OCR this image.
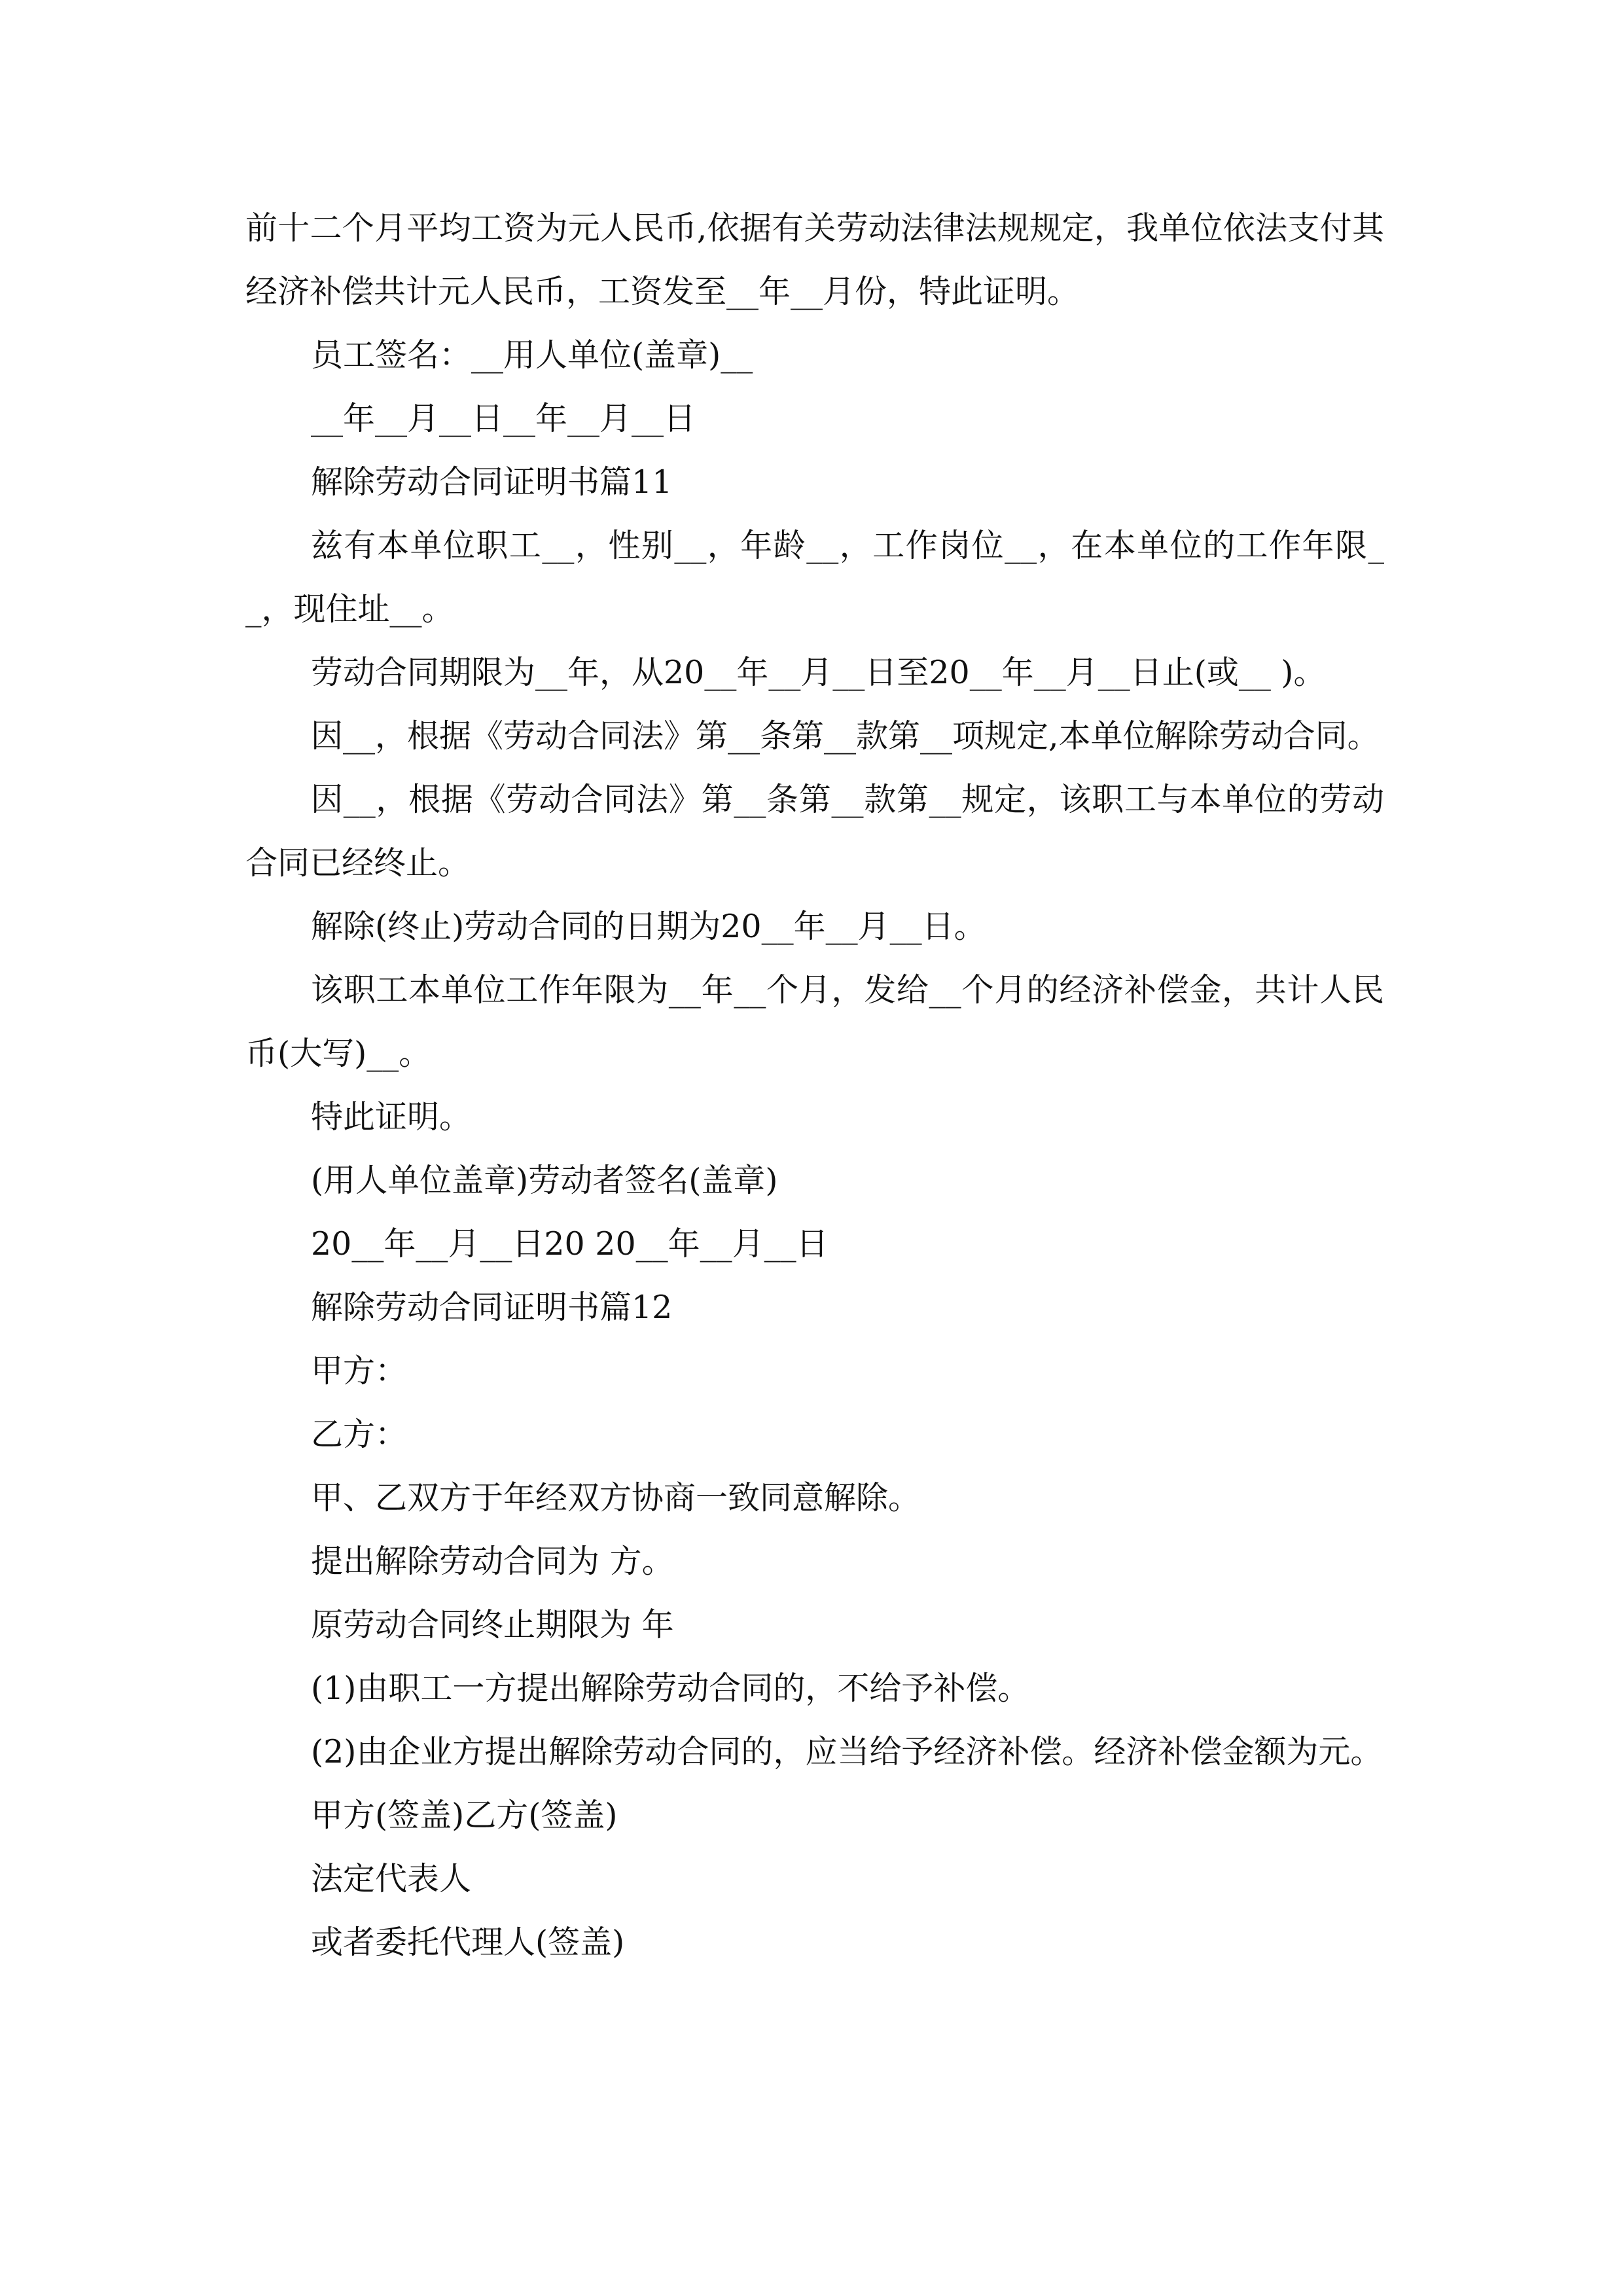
前十二个月平均工资为元人民币,依据有关劳动法律法规规定，我单位依法支付其经济补偿共计元人民币，工资发至__年__月份，特此证明。

员工签名：__用人单位(盖章)__

__年__月__日__年__月__日

解除劳动合同证明书篇11

兹有本单位职工__，性别__，年龄__，工作岗位__，在本单位的工作年限__，现住址__。

劳动合同期限为__年，从20__年__月__日至20__年__月__日止(或__ )。

因__，根据《劳动合同法》第__条第__款第__项规定,本单位解除劳动合同。

因__，根据《劳动合同法》第__条第__款第__规定，该职工与本单位的劳动合同已经终止。

解除(终止)劳动合同的日期为20__年__月__日。

该职工本单位工作年限为__年__个月，发给__个月的经济补偿金，共计人民币(大写)__。

特此证明。

(用人单位盖章)劳动者签名(盖章)

20__年__月__日20 20__年__月__日

解除劳动合同证明书篇12

甲方：

乙方：

甲、乙双方于年经双方协商一致同意解除。

提出解除劳动合同为 方。

原劳动合同终止期限为 年

(1)由职工一方提出解除劳动合同的，不给予补偿。

(2)由企业方提出解除劳动合同的，应当给予经济补偿。经济补偿金额为元。

甲方(签盖)乙方(签盖)

法定代表人

或者委托代理人(签盖)
